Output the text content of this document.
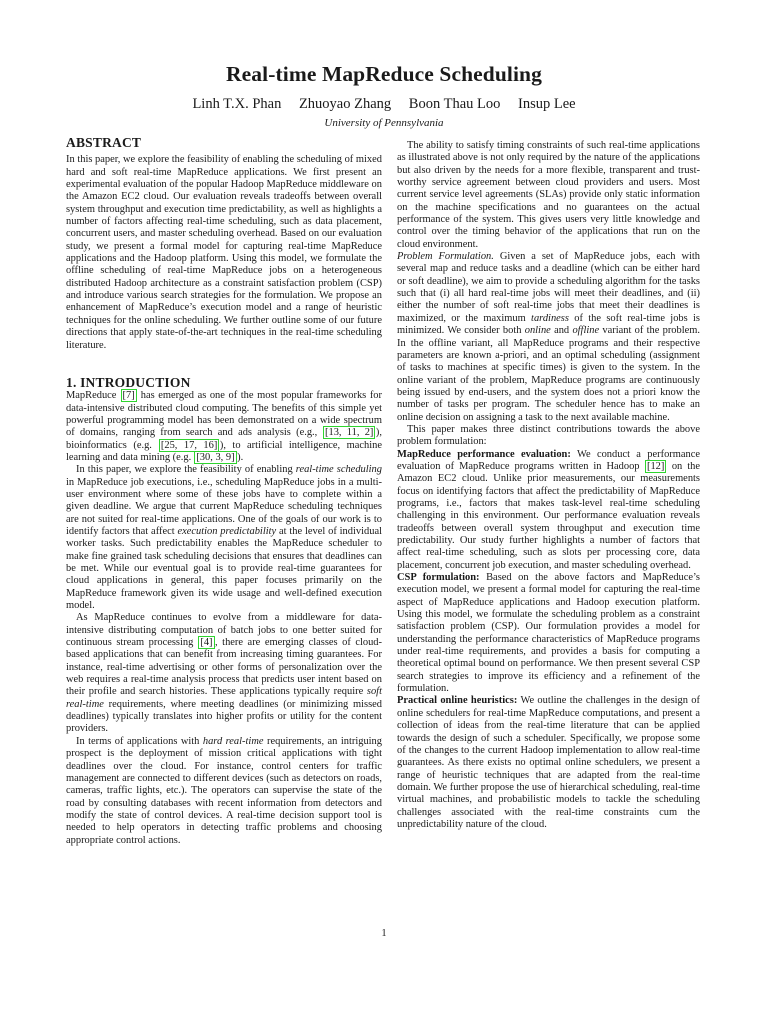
Real-time MapReduce Scheduling
Linh T.X. Phan Zhuoyao Zhang Boon Thau Loo Insup Lee
University of Pennsylvania
ABSTRACT

In this paper, we explore the feasibility of enabling the scheduling of mixed hard and soft real-time MapReduce applications. We first present an experimental evaluation of the popular Hadoop MapReduce middleware on the Amazon EC2 cloud. Our evaluation reveals tradeoffs between overall system throughput and execution time predictability, as well as highlights a number of factors affecting real-time scheduling, such as data placement, concurrent users, and master scheduling overhead. Based on our evaluation study, we present a formal model for capturing real-time MapReduce applications and the Hadoop platform. Using this model, we formulate the offline scheduling of real-time MapReduce jobs on a heterogeneous distributed Hadoop architecture as a constraint satisfaction problem (CSP) and introduce various search strategies for the formulation. We propose an enhancement of MapReduce’s execution model and a range of heuristic techniques for the online scheduling. We further outline some of our future directions that apply state-of-the-art techniques in the real-time scheduling literature.

1. INTRODUCTION

MapReduce [7] has emerged as one of the most popular frameworks for data-intensive distributed cloud computing. The benefits of this simple yet powerful programming model has been demonstrated on a wide spectrum of domains, ranging from search and ads analysis (e.g., [13, 11, 2] ), bioinformatics (e.g. [25, 17, 16] ), to artificial intelligence, machine learning and data mining (e.g. [30, 3, 9] ).

In this paper, we explore the feasibility of enabling real-time scheduling in MapReduce job executions, i.e., scheduling MapReduce jobs in a multi-user environment where some of these jobs have to complete within a given deadline. We argue that current MapReduce scheduling techniques are not suited for real-time applications. One of the goals of our work is to identify factors that affect execution predictability at the level of individual worker tasks. Such predictability enables the MapReduce scheduler to make fine grained task scheduling decisions that ensures that deadlines can be met. While our eventual goal is to provide real-time guarantees for cloud applications in general, this paper focuses primarily on the MapReduce framework given its wide usage and well-defined execution model.

As MapReduce continues to evolve from a middleware for data-intensive distributing computation of batch jobs to one better suited for continuous stream processing [4] , there are emerging classes of cloud-based applications that can benefit from increasing timing guarantees. For instance, real-time advertising or other forms of personalization over the web requires a real-time analysis process that predicts user intent based on their profile and search histories. These applications typically require soft real-time requirements, where meeting deadlines (or minimizing missed deadlines) typically translates into higher profits or utility for the content providers.

In terms of applications with hard real-time requirements, an intriguing prospect is the deployment of mission critical applications with tight deadlines over the cloud. For instance, control centers for traffic management are connected to different devices (such as detectors on roads, cameras, traffic lights, etc.). The operators can supervise the state of the road by consulting databases with recent information from detectors and modify the state of control devices. A real-time decision support tool is needed to help operators in detecting traffic problems and choosing appropriate control actions.

The ability to satisfy timing constraints of such real-time applications as illustrated above is not only required by the nature of the applications but also driven by the needs for a more flexible, transparent and trust-worthy service agreement between cloud providers and users. Most current service level agreements (SLAs) provide only static information on the machine specifications and no guarantees on the actual performance of the system. This gives users very little knowledge and control over the timing behavior of the applications that run on the cloud environment.

Problem Formulation. Given a set of MapReduce jobs, each with several map and reduce tasks and a deadline (which can be either hard or soft deadline), we aim to provide a scheduling algorithm for the tasks such that (i) all hard real-time jobs will meet their deadlines, and (ii) either the number of soft real-time jobs that meet their deadlines is maximized, or the maximum tardiness of the soft real-time jobs is minimized. We consider both online and offline variant of the problem. In the offline variant, all MapReduce programs and their respective parameters are known a-priori, and an optimal scheduling (assignment of tasks to machines at specific times) is given to the system. In the online variant of the problem, MapReduce programs are continuously being issued by end-users, and the system does not a priori know the number of tasks per program. The scheduler hence has to make an online decision on assigning a task to the next available machine.

This paper makes three distinct contributions towards the above problem formulation:

MapReduce performance evaluation: We conduct a performance evaluation of MapReduce programs written in Hadoop [12] on the Amazon EC2 cloud. Unlike prior measurements, our measurements focus on identifying factors that affect the predictability of MapReduce programs, i.e., factors that makes task-level real-time scheduling challenging in this environment. Our performance evaluation reveals tradeoffs between overall system throughput and execution time predictability. Our study further highlights a number of factors that affect real-time scheduling, such as slots per processing core, data placement, concurrent job execution, and master scheduling overhead.

CSP formulation: Based on the above factors and MapReduce’s execution model, we present a formal model for capturing the real-time aspect of MapReduce applications and Hadoop execution platform. Using this model, we formulate the scheduling problem as a constraint satisfaction problem (CSP). Our formulation provides a model for understanding the performance characteristics of MapReduce programs under real-time requirements, and provides a basis for computing a theoretical optimal bound on performance. We then present several CSP search strategies to improve its efficiency and a refinement of the formulation.

Practical online heuristics: We outline the challenges in the design of online schedulers for real-time MapReduce computations, and present a collection of ideas from the real-time literature that can be applied towards the design of such a scheduler. Specifically, we propose some of the changes to the current Hadoop implementation to allow real-time guarantees. As there exists no optimal online schedulers, we present a range of heuristic techniques that are adapted from the real-time domain. We further propose the use of hierarchical scheduling, real-time virtual machines, and probabilistic models to tackle the scheduling challenges associated with the real-time constraints cum the unpredictability nature of the cloud.

1
